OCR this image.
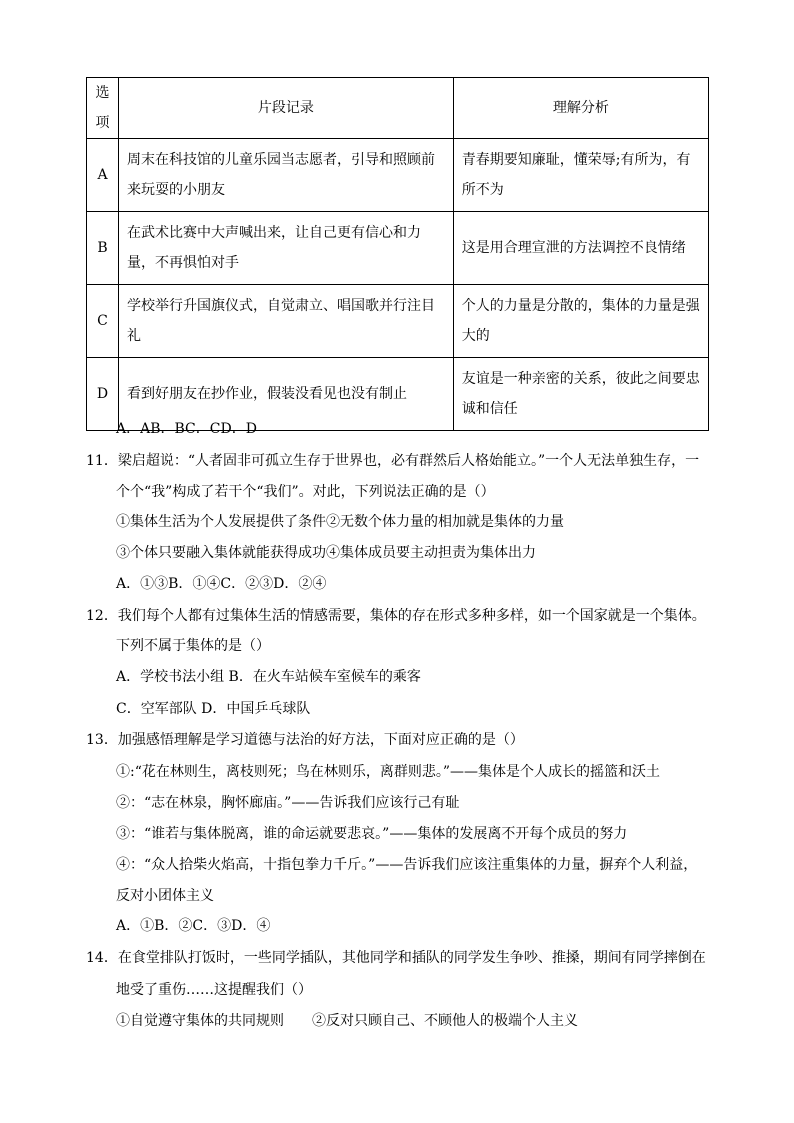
选项	片段记录	理解分析
A	周末在科技馆的儿童乐园当志愿者，引导和照顾前来玩耍的小朋友	青春期要知廉耻，懂荣辱;有所为，有所不为
B	在武术比赛中大声喊出来，让自己更有信心和力量，不再惧怕对手	这是用合理宣泄的方法调控不良情绪
C	学校举行升国旗仪式，自觉肃立、唱国歌并行注目礼	个人的力量是分散的，集体的力量是强大的
D	看到好朋友在抄作业，假装没看见也没有制止	友谊是一种亲密的关系，彼此之间要忠诚和信任
A．AB．BC．CD．D
11．梁启超说：“人者固非可孤立生存于世界也，必有群然后人格始能立。”一个人无法单独生存，一
个个“我”构成了若干个“我们”。对此，下列说法正确的是（）
①集体生活为个人发展提供了条件②无数个体力量的相加就是集体的力量
③个体只要融入集体就能获得成功④集体成员要主动担责为集体出力
A．①③B．①④C．②③D．②④
12．我们每个人都有过集体生活的情感需要，集体的存在形式多种多样，如一个国家就是一个集体。
下列不属于集体的是（）
A．学校书法小组 B．在火车站候车室候车的乘客
C．空军部队 D．中国乒乓球队
13．加强感悟理解是学习道德与法治的好方法，下面对应正确的是（）
①:“花在林则生，离枝则死；鸟在林则乐，离群则悲。”——集体是个人成长的摇篮和沃土
②：“志在林泉，胸怀廊庙。”——告诉我们应该行己有耻
③：“谁若与集体脱离，谁的命运就要悲哀。”——集体的发展离不开每个成员的努力
④：“众人拾柴火焰高，十指包拳力千斤。”——告诉我们应该注重集体的力量，摒弃个人利益，
反对小团体主义
A．①B．②C．③D．④
14．在食堂排队打饭时，一些同学插队，其他同学和插队的同学发生争吵、推搡，期间有同学摔倒在
地受了重伤……这提醒我们（）
①自觉遵守集体的共同规则　　②反对只顾自己、不顾他人的极端个人主义
